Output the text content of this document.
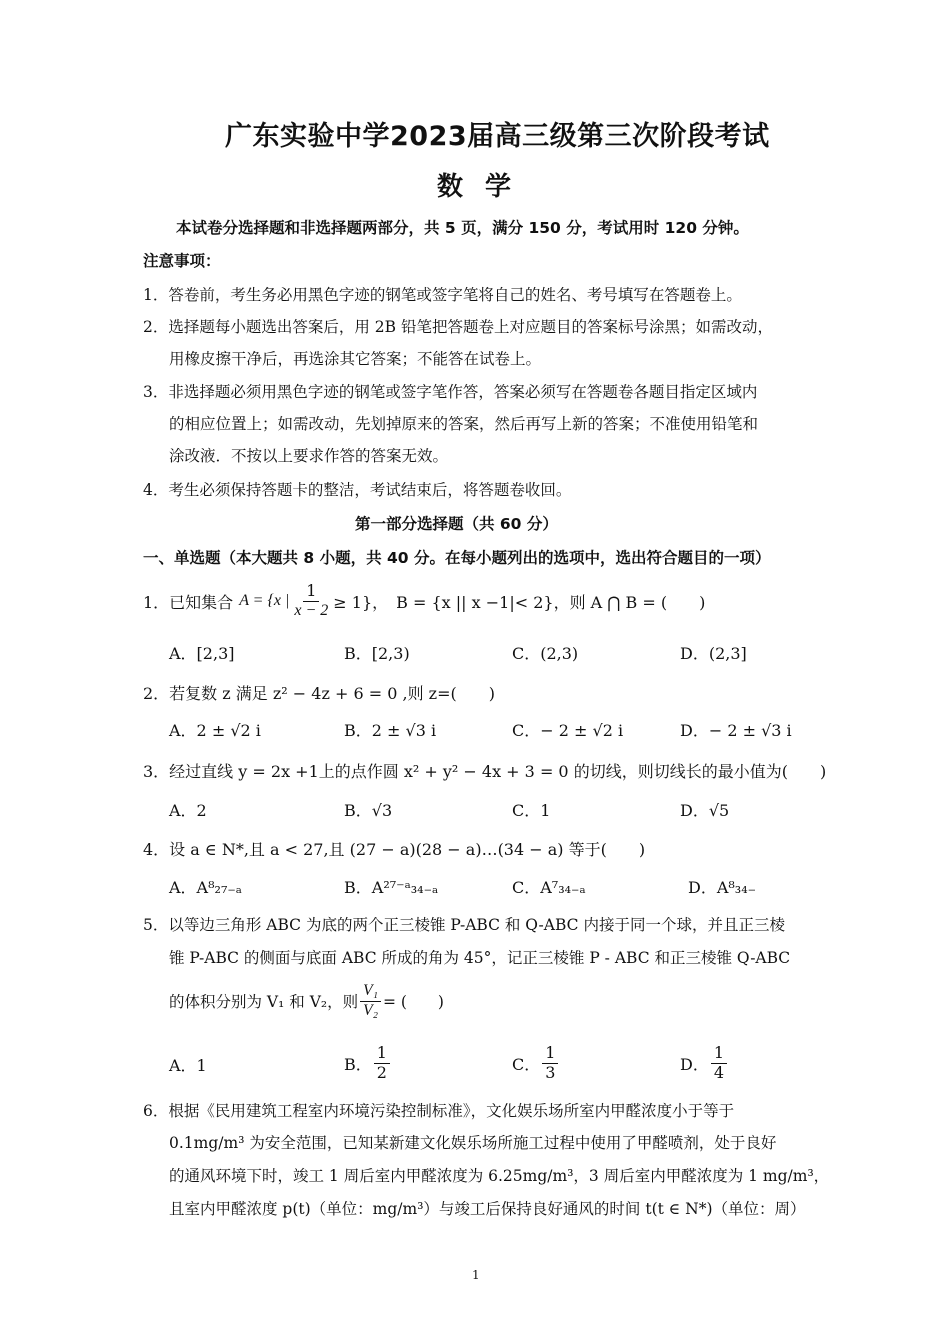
广东实验中学2023届高三级第三次阶段考试
数学
本试卷分选择题和非选择题两部分，共 5 页，满分 150 分，考试用时 120 分钟。
注意事项：
1．答卷前，考生务必用黑色字迹的钢笔或签字笔将自己的姓名、考号填写在答题卷上。
2．选择题每小题选出答案后，用 2B 铅笔把答题卷上对应题目的答案标号涂黑；如需改动，
用橡皮擦干净后，再选涂其它答案；不能答在试卷上。
3．非选择题必须用黑色字迹的钢笔或签字笔作答，答案必须写在答题卷各题目指定区域内
的相应位置上；如需改动，先划掉原来的答案，然后再写上新的答案；不准使用铅笔和
涂改液．不按以上要求作答的答案无效。
4．考生必须保持答题卡的整洁，考试结束后，将答题卷收回。
第一部分选择题（共 60 分）
一、单选题（本大题共 8 小题，共 40 分。在每小题列出的选项中，选出符合题目的一项）
1．已知集合 A = {x | $\frac{1}{x - 2} \ge 1$}， B = {x || x −1|< 2}，则 A ⋂ B = (　　)
A．[2,3]	B．[2,3)	C．(2,3)	D．(2,3]
2．若复数 z 满足 z² − 4z + 6 = 0 ,则 z=(　　)
A．2 ± √2 i	B．2 ± √3 i	C．− 2 ± √2 i	D．− 2 ± √3 i
3．经过直线 y = 2x +1上的点作圆 x² + y² − 4x + 3 = 0 的切线，则切线长的最小值为(　　)
A．2	B．√3	C．1	D．√5
4．设 a ∈ N*,且 a < 27,且 (27 − a)(28 − a)…(34 − a) 等于(　　)
A．A⁸₂₇₋ₐ	B．A²⁷⁻ᵃ₃₄₋ₐ	C．A⁷₃₄₋ₐ	D．A⁸₃₄₋
5．以等边三角形 ABC 为底的两个正三棱锥 P-ABC 和 Q-ABC 内接于同一个球，并且正三棱
锥 P-ABC 的侧面与底面 ABC 所成的角为 45°，记正三棱锥 P - ABC 和正三棱锥 Q-ABC
的体积分别为 V₁ 和 V₂，则 $\frac{\text{V₁}}{\text{V₂}}$ = (　　)
A．1	B． $\frac{1}{2}$	C． $\frac{1}{3}$	D． $\frac{1}{4}$
6．根据《民用建筑工程室内环境污染控制标准》，文化娱乐场所室内甲醛浓度小于等于
0.1mg/m³ 为安全范围，已知某新建文化娱乐场所施工过程中使用了甲醛喷剂，处于良好
的通风环境下时，竣工 1 周后室内甲醛浓度为 6.25mg/m³，3 周后室内甲醛浓度为 1 mg/m³，
且室内甲醛浓度 p(t)（单位：mg/m³）与竣工后保持良好通风的时间 t(t ∈ N*)（单位：周）
1
